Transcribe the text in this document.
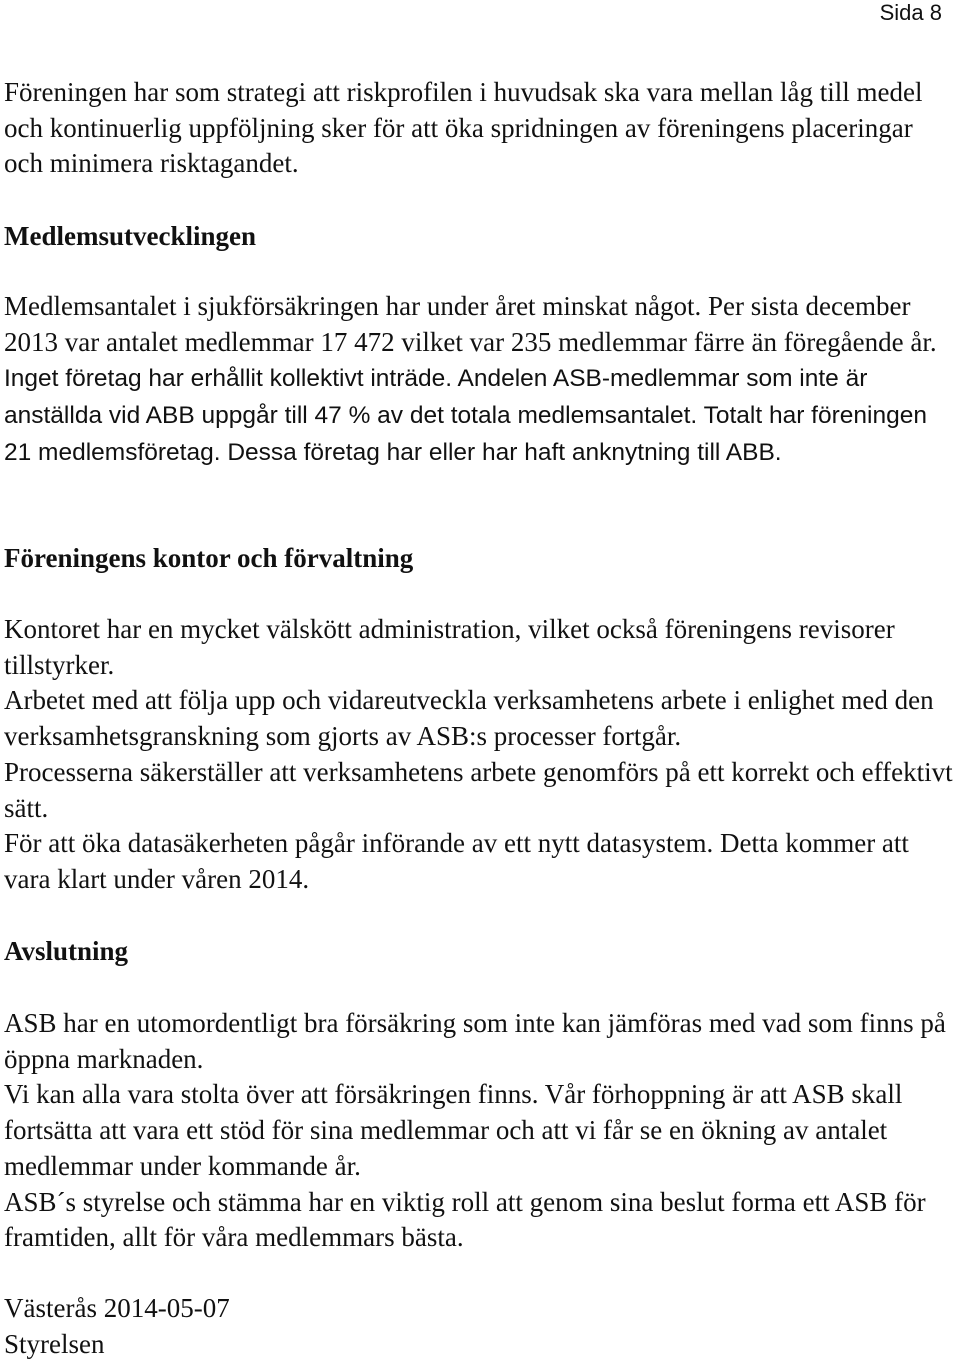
Sida 8

Föreningen har som strategi att riskprofilen i huvudsak ska vara mellan låg till medel och kontinuerlig uppföljning sker för att öka spridningen av föreningens placeringar och minimera risktagandet.

Medlemsutvecklingen

Medlemsantalet i sjukförsäkringen har under året minskat något. Per sista december 2013 var antalet medlemmar 17 472 vilket var 235 medlemmar färre än föregående år. Inget företag har erhållit kollektivt inträde. Andelen ASB-medlemmar som inte är anställda vid ABB uppgår till 47 % av det totala medlemsantalet. Totalt har föreningen 21 medlemsföretag. Dessa företag har eller har haft anknytning till ABB.

Föreningens kontor och förvaltning

Kontoret har en mycket välskött administration, vilket också föreningens revisorer tillstyrker.

Arbetet med att följa upp och vidareutveckla verksamhetens arbete i enlighet med den verksamhetsgranskning som gjorts av ASB:s processer fortgår.

Processerna säkerställer att verksamhetens arbete genomförs på ett korrekt och effektivt sätt.

För att öka datasäkerheten pågår införande av ett nytt datasystem. Detta kommer att vara klart under våren 2014.

Avslutning

ASB har en utomordentligt bra försäkring som inte kan jämföras med vad som finns på öppna marknaden.

Vi kan alla vara stolta över att försäkringen finns. Vår förhoppning är att ASB skall fortsätta att vara ett stöd för sina medlemmar och att vi får se en ökning av antalet medlemmar under kommande år.

ASB´s styrelse och stämma har en viktig roll att genom sina beslut forma ett ASB för framtiden, allt för våra medlemmars bästa.

Västerås 2014-05-07

Styrelsen
